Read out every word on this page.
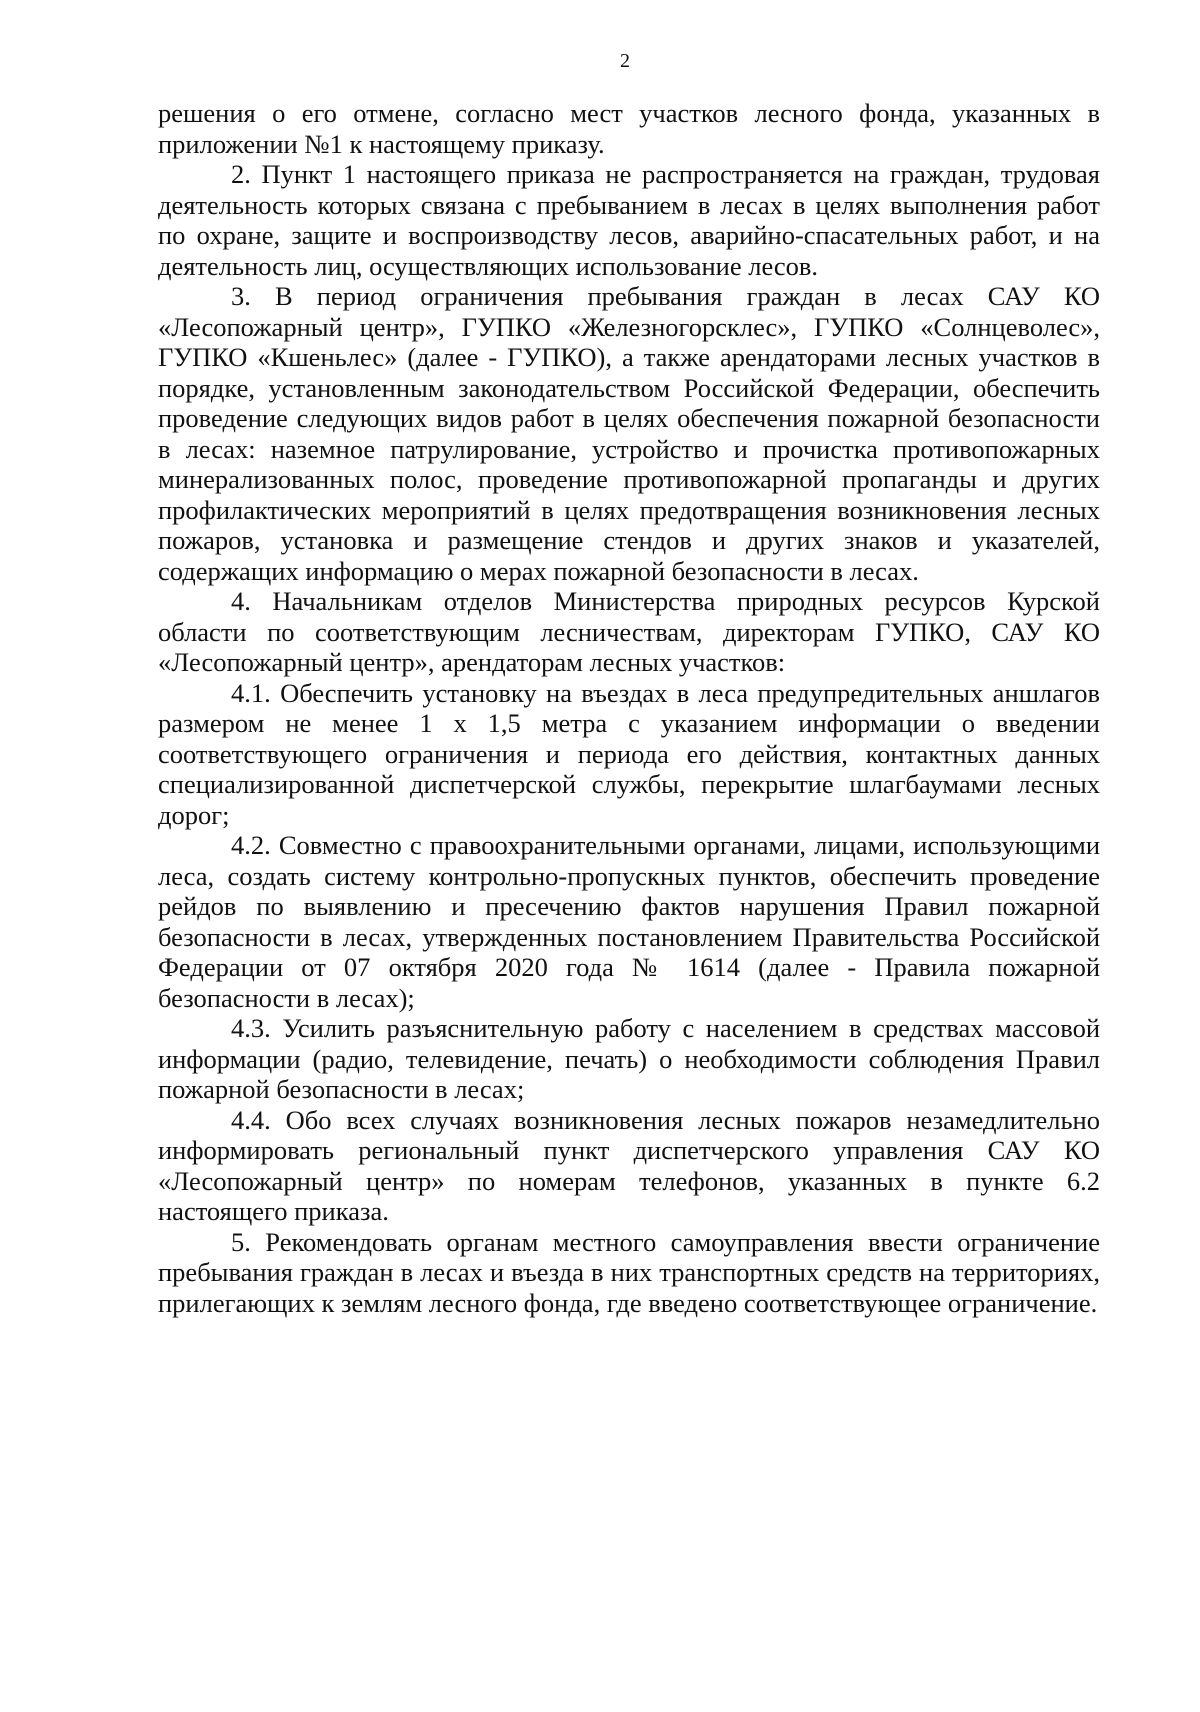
2

решения о его отмене, согласно мест участков лесного фонда, указанных в приложении №1 к настоящему приказу.

2. Пункт 1 настоящего приказа не распространяется на граждан, трудовая деятельность которых связана с пребыванием в лесах в целях выполнения работ по охране, защите и воспроизводству лесов, аварийно-спасательных работ, и на деятельность лиц, осуществляющих использование лесов.

3. В период ограничения пребывания граждан в лесах САУ КО «Лесопожарный центр», ГУПКО «Железногорсклес», ГУПКО «Солнцеволес», ГУПКО «Кшеньлес» (далее - ГУПКО), а также арендаторами лесных участков в порядке, установленным законодательством Российской Федерации, обеспечить проведение следующих видов работ в целях обеспечения пожарной безопасности в лесах: наземное патрулирование, устройство и прочистка противопожарных минерализованных полос, проведение противопожарной пропаганды и других профилактических мероприятий в целях предотвращения возникновения лесных пожаров, установка и размещение стендов и других знаков и указателей, содержащих информацию о мерах пожарной безопасности в лесах.

4. Начальникам отделов Министерства природных ресурсов Курской области по соответствующим лесничествам, директорам ГУПКО, САУ КО «Лесопожарный центр», арендаторам лесных участков:

4.1. Обеспечить установку на въездах в леса предупредительных аншлагов размером не менее 1 х 1,5 метра с указанием информации о введении соответствующего ограничения и периода его действия, контактных данных специализированной диспетчерской службы, перекрытие шлагбаумами лесных дорог;

4.2. Совместно с правоохранительными органами, лицами, использующими леса, создать систему контрольно-пропускных пунктов, обеспечить проведение рейдов по выявлению и пресечению фактов нарушения Правил пожарной безопасности в лесах, утвержденных постановлением Правительства Российской Федерации от 07 октября 2020 года № 1614 (далее - Правила пожарной безопасности в лесах);

4.3. Усилить разъяснительную работу с населением в средствах массовой информации (радио, телевидение, печать) о необходимости соблюдения Правил пожарной безопасности в лесах;

4.4. Обо всех случаях возникновения лесных пожаров незамедлительно информировать региональный пункт диспетчерского управления САУ КО «Лесопожарный центр» по номерам телефонов, указанных в пункте 6.2 настоящего приказа.

5. Рекомендовать органам местного самоуправления ввести ограничение пребывания граждан в лесах и въезда в них транспортных средств на территориях, прилегающих к землям лесного фонда, где введено соответствующее ограничение.
